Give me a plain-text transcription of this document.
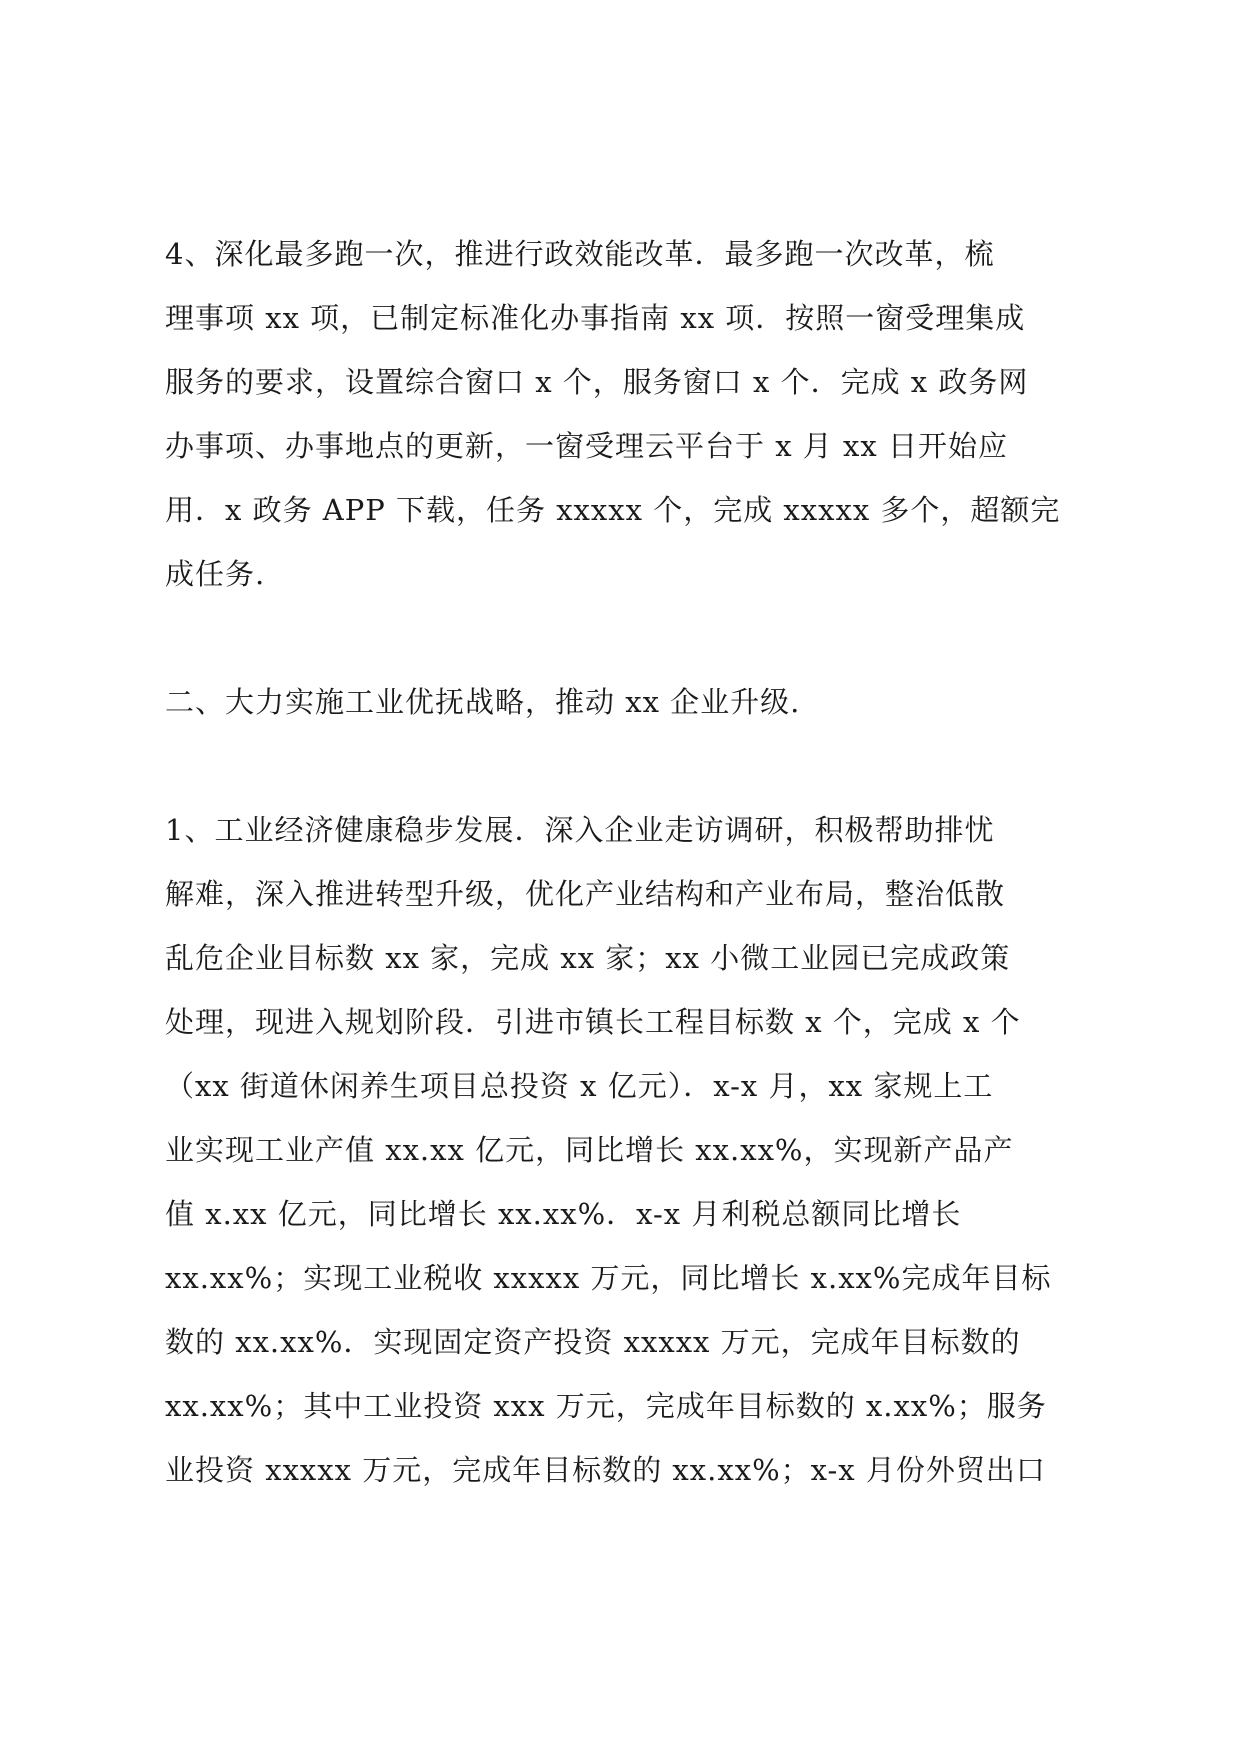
4、深化最多跑一次，推进行政效能改革．最多跑一次改革，梳
理事项 xx 项，已制定标准化办事指南 xx 项．按照一窗受理集成
服务的要求，设置综合窗口 x 个，服务窗口 x 个．完成 x 政务网
办事项、办事地点的更新，一窗受理云平台于 x 月 xx 日开始应
用．x 政务 APP 下载，任务 xxxxx 个，完成 xxxxx 多个，超额完
成任务.
二、大力实施工业优抚战略，推动 xx 企业升级.
1、工业经济健康稳步发展．深入企业走访调研，积极帮助排忧
解难，深入推进转型升级，优化产业结构和产业布局，整治低散
乱危企业目标数 xx 家，完成 xx 家；xx 小微工业园已完成政策
处理，现进入规划阶段．引进市镇长工程目标数 x 个，完成 x 个
（xx 街道休闲养生项目总投资 x 亿元）．x-x 月，xx 家规上工
业实现工业产值 xx.xx 亿元，同比增长 xx.xx%，实现新产品产
值 x.xx 亿元，同比增长 xx.xx%．x-x 月利税总额同比增长
xx.xx%；实现工业税收 xxxxx 万元，同比增长 x.xx%完成年目标
数的 xx.xx%．实现固定资产投资 xxxxx 万元，完成年目标数的
xx.xx%；其中工业投资 xxx 万元，完成年目标数的 x.xx%；服务
业投资 xxxxx 万元，完成年目标数的 xx.xx%；x-x 月份外贸出口
